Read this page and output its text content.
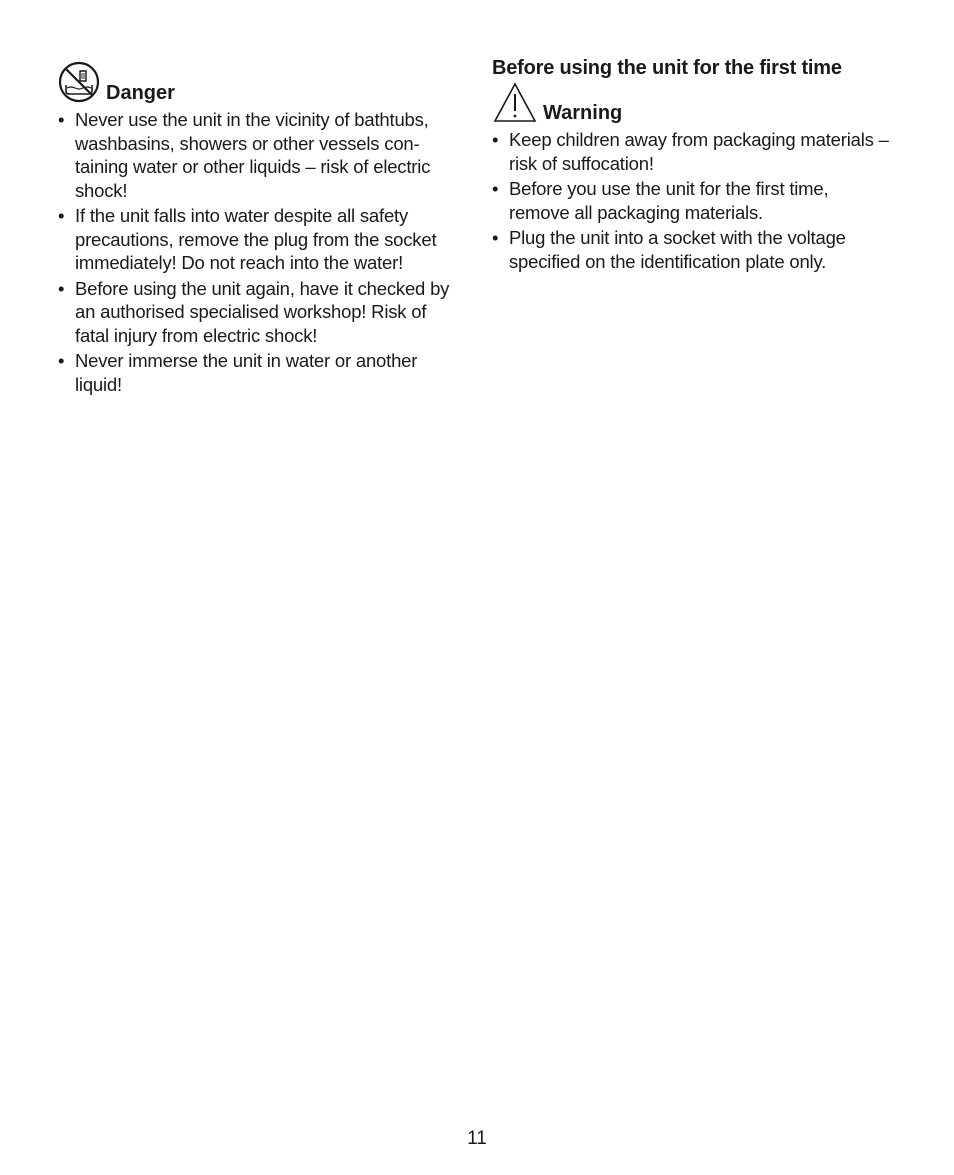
Danger
• Never use the unit in the vicinity of bathtubs, washbasins, showers or other vessels con-taining water or other liquids – risk of electric shock!
• If the unit falls into water despite all safety precautions, remove the plug from the socket immediately! Do not reach into the water!
• Before using the unit again, have it checked by an authorised specialised workshop! Risk of fatal injury from electric shock!
• Never immerse the unit in water or another liquid!
Before using the unit for the first time
Warning
• Keep children away from packaging materials – risk of suffocation!
• Before you use the unit for the first time, remove all packaging materials.
• Plug the unit into a socket with the voltage specified on the identification plate only.
11
